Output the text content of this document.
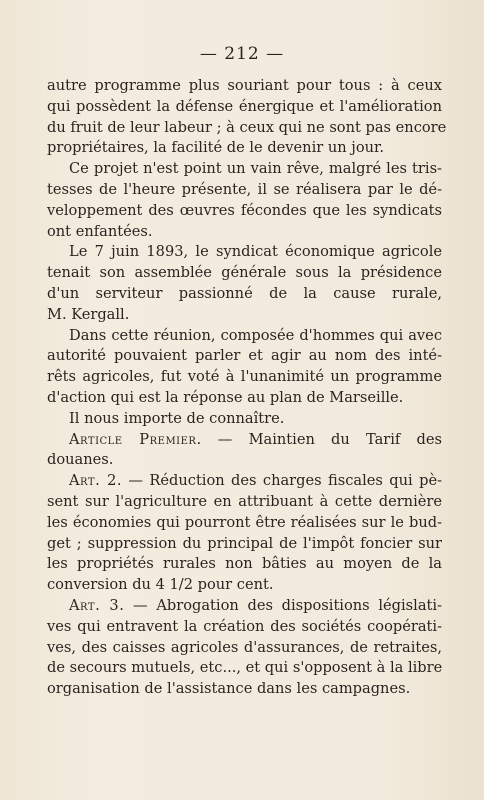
— 212 —

autre programme plus souriant pour tous : à ceux
qui possèdent la défense énergique et l'amélioration
du fruit de leur labeur ; à ceux qui ne sont pas encore
propriétaires, la facilité de le devenir un jour.

Ce projet n'est point un vain rêve, malgré les tris-
tesses de l'heure présente, il se réalisera par le dé-
veloppement des œuvres fécondes que les syndicats
ont enfantées.

Le 7 juin 1893, le syndicat économique agricole
tenait son assemblée générale sous la présidence
d'un serviteur passionné de la cause rurale,
M. Kergall.

Dans cette réunion, composée d'hommes qui avec
autorité pouvaient parler et agir au nom des inté-
rêts agricoles, fut voté à l'unanimité un programme
d'action qui est la réponse au plan de Marseille.

Il nous importe de connaître.

Article Premier. — Maintien du Tarif des
douanes.

Art. 2. — Réduction des charges fiscales qui pè-
sent sur l'agriculture en attribuant à cette dernière
les économies qui pourront être réalisées sur le bud-
get ; suppression du principal de l'impôt foncier sur
les propriétés rurales non bâties au moyen de la
conversion du 4 1/2 pour cent.

Art. 3. — Abrogation des dispositions législati-
ves qui entravent la création des sociétés coopérati-
ves, des caisses agricoles d'assurances, de retraites,
de secours mutuels, etc..., et qui s'opposent à la libre
organisation de l'assistance dans les campagnes.
